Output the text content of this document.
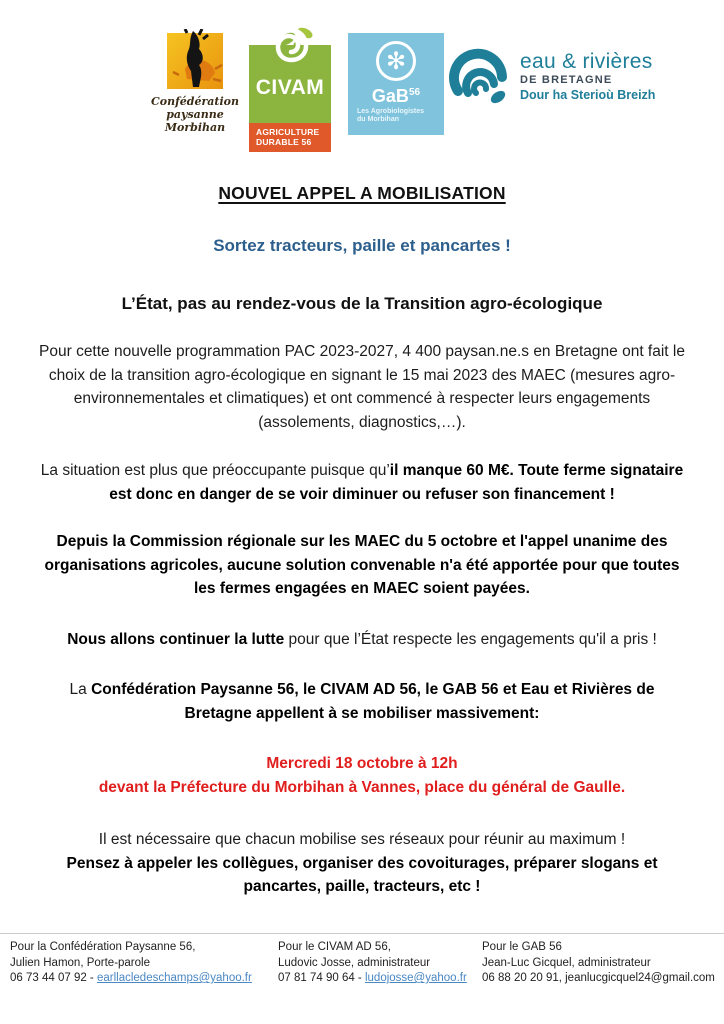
Confédération paysanne
Morbihan
CIVAM
AGRICULTURE
DURABLE 56
✻
GaB$^{56}$
Les Agrobiologistes
du Morbihan
eau & rivières
DE BRETAGNE
Dour ha Sterioù Breizh
NOUVEL APPEL A MOBILISATION
Sortez tracteurs, paille et pancartes !
L’État, pas au rendez-vous de la Transition agro-écologique

Pour cette nouvelle programmation PAC 2023-2027, 4 400 paysan.ne.s en Bretagne ont fait le choix de la transition agro-écologique en signant le 15 mai 2023 des MAEC (mesures agro-environnementales et climatiques) et ont commencé à respecter leurs engagements (assolements, diagnostics,…).

La situation est plus que préoccupante puisque qu’il manque 60 M€. Toute ferme signataire est donc en danger de se voir diminuer ou refuser son financement !

Depuis la Commission régionale sur les MAEC du 5 octobre et l'appel unanime des organisations agricoles, aucune solution convenable n'a été apportée pour que toutes les fermes engagées en MAEC soient payées.

Nous allons continuer la lutte pour que l’État respecte les engagements qu'il a pris !

La Confédération Paysanne 56, le CIVAM AD 56, le GAB 56 et Eau et Rivières de Bretagne appellent à se mobiliser massivement:

Mercredi 18 octobre à 12h
devant la Préfecture du Morbihan à Vannes, place du général de Gaulle.

Il est nécessaire que chacun mobilise ses réseaux pour réunir au maximum !
Pensez à appeler les collègues, organiser des covoiturages, préparer slogans et pancartes, paille, tracteurs, etc !

Pour la Confédération Paysanne 56,
Julien Hamon, Porte-parole
06 73 44 07 92 - earllacledeschamps@yahoo.fr
Pour le CIVAM AD 56,
Ludovic Josse, administrateur
07 81 74 90 64 - ludojosse@yahoo.fr
Pour le GAB 56
Jean-Luc Gicquel, administrateur
06 88 20 20 91, jeanlucgicquel24@gmail.com
